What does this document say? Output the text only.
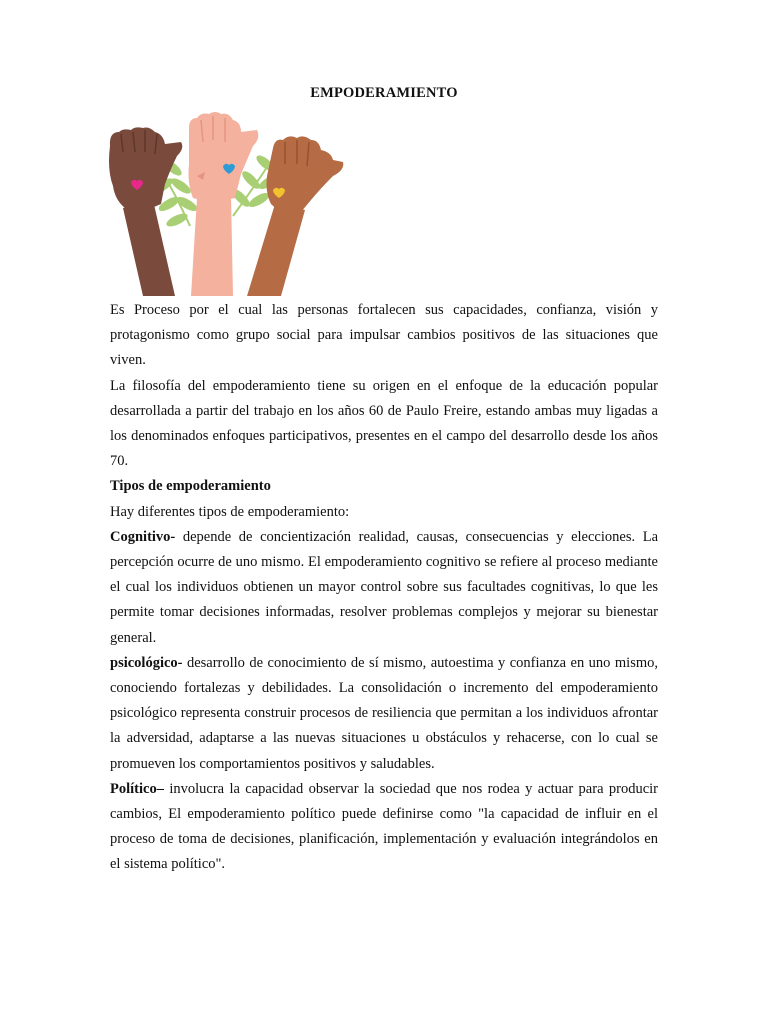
EMPODERAMIENTO

Es Proceso por el cual las personas fortalecen sus capacidades, confianza, visión y protagonismo como grupo social para impulsar cambios positivos de las situaciones que viven.

La filosofía del empoderamiento tiene su origen en el enfoque de la educación popular desarrollada a partir del trabajo en los años 60 de Paulo Freire, estando ambas muy ligadas a los denominados enfoques participativos, presentes en el campo del desarrollo desde los años 70.

Tipos de empoderamiento

Hay diferentes tipos de empoderamiento:

Cognitivo- depende de concientización realidad, causas, consecuencias y elecciones. La percepción ocurre de uno mismo. El empoderamiento cognitivo se refiere al proceso mediante el cual los individuos obtienen un mayor control sobre sus facultades cognitivas, lo que les permite tomar decisiones informadas, resolver problemas complejos y mejorar su bienestar general.

psicológico- desarrollo de conocimiento de sí mismo, autoestima y confianza en uno mismo, conociendo fortalezas y debilidades. La consolidación o incremento del empoderamiento psicológico representa construir procesos de resiliencia que permitan a los individuos afrontar la adversidad, adaptarse a las nuevas situaciones u obstáculos y rehacerse, con lo cual se promueven los comportamientos positivos y saludables.

Político– involucra la capacidad observar la sociedad que nos rodea y actuar para producir cambios, El empoderamiento político puede definirse como "la capacidad de influir en el proceso de toma de decisiones, planificación, implementación y evaluación integrándolos en el sistema político".
